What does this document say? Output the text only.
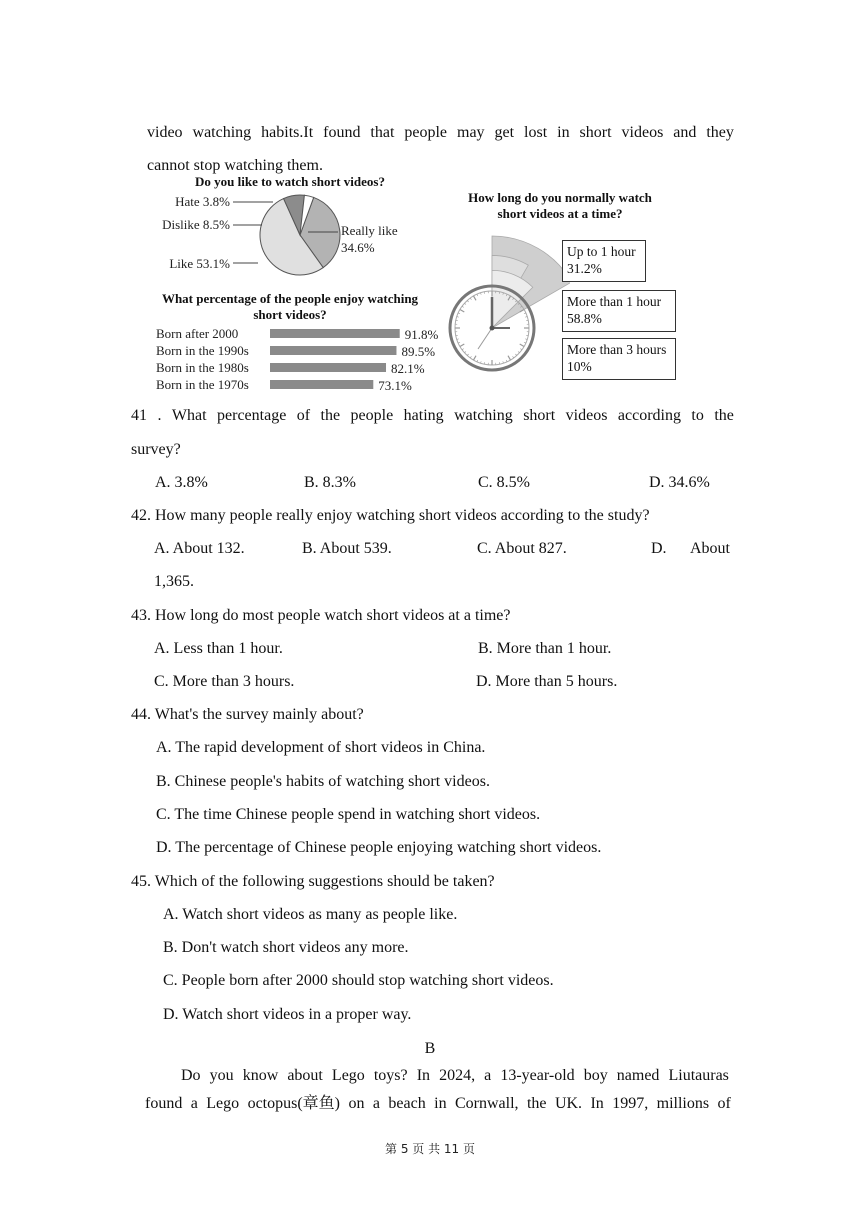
video watching habits.It found that people may get lost in short videos and they
cannot stop watching them.
Do you like to watch short videos?
Hate 3.8%
Dislike 8.5%
Like 53.1%
Really like
34.6%
What percentage of the people enjoy watching
short videos?
Born after 2000	91.8%
Born in the 1990s	89.5%
Born in the 1980s	82.1%
Born in the 1970s	73.1%
How long do you normally watch
short videos at a time?
Up to 1 hour
31.2%
More than 1 hour
58.8%
More than 3 hours
10%
41 . What percentage of the people hating watching short videos according to the
survey?
A. 3.8%	B. 8.3%	C. 8.5%	D. 34.6%
42. How many people really enjoy watching short videos according to the study?
A. About 132.	B. About 539.	C. About 827.	D. About
1,365.
43. How long do most people watch short videos at a time?
A. Less than 1 hour.	B. More than 1 hour.
C. More than 3 hours.	D. More than 5 hours.
44. What's the survey mainly about?
A. The rapid development of short videos in China.
B. Chinese people's habits of watching short videos.
C. The time Chinese people spend in watching short videos.
D. The percentage of Chinese people enjoying watching short videos.
45. Which of the following suggestions should be taken?
A. Watch short videos as many as people like.
B. Don't watch short videos any more.
C. People born after 2000 should stop watching short videos.
D. Watch short videos in a proper way.
B
Do you know about Lego toys? In 2024, a 13-year-old boy named Liutauras
found a Lego octopus(章鱼) on a beach in Cornwall, the UK. In 1997, millions of
第 5 页 共 11 页
